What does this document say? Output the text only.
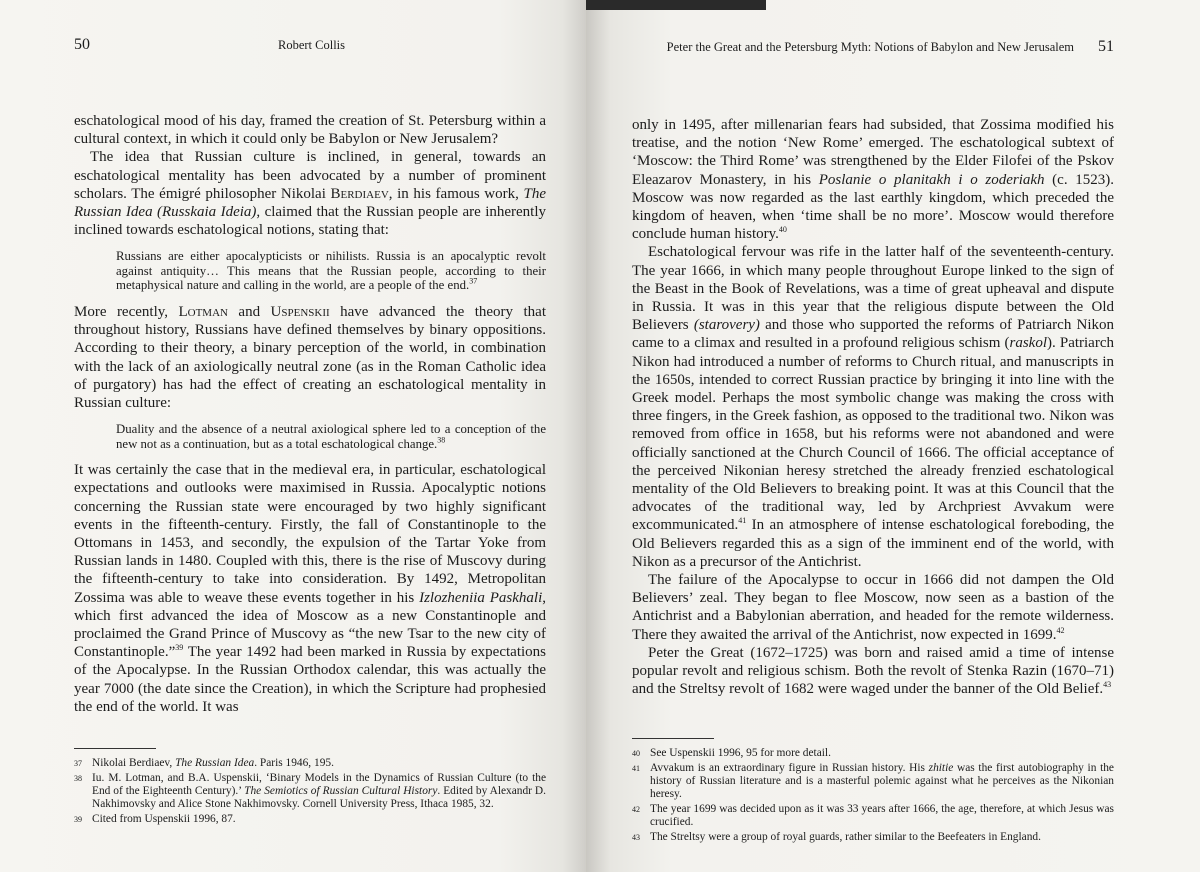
50	Robert Collis

eschatological mood of his day, framed the creation of St. Petersburg within a cultural context, in which it could only be Babylon or New Jerusalem?

The idea that Russian culture is inclined, in general, towards an eschatological mentality has been advocated by a number of prominent scholars. The émigré philosopher Nikolai Berdiaev, in his famous work, The Russian Idea (Russkaia Ideia), claimed that the Russian people are inherently inclined towards eschatological notions, stating that:

Russians are either apocalypticists or nihilists. Russia is an apocalyptic revolt against antiquity… This means that the Russian people, according to their metaphysical nature and calling in the world, are a people of the end.$^{37}$

More recently, Lotman and Uspenskii have advanced the theory that throughout history, Russians have defined themselves by binary oppositions. According to their theory, a binary perception of the world, in combination with the lack of an axiologically neutral zone (as in the Roman Catholic idea of purgatory) has had the effect of creating an eschatological mentality in Russian culture:

Duality and the absence of a neutral axiological sphere led to a conception of the new not as a continuation, but as a total eschatological change.$^{38}$

It was certainly the case that in the medieval era, in particular, eschatological expectations and outlooks were maximised in Russia. Apocalyptic notions concerning the Russian state were encouraged by two highly significant events in the fifteenth-century. Firstly, the fall of Constantinople to the Ottomans in 1453, and secondly, the expulsion of the Tartar Yoke from Russian lands in 1480. Coupled with this, there is the rise of Muscovy during the fifteenth-century to take into consideration. By 1492, Metropolitan Zossima was able to weave these events together in his Izlozheniia Paskhali, which first advanced the idea of Moscow as a new Constantinople and proclaimed the Grand Prince of Muscovy as “the new Tsar to the new city of Constantinople.”$^{39}$ The year 1492 had been marked in Russia by expectations of the Apocalypse. In the Russian Orthodox calendar, this was actually the year 7000 (the date since the Creation), in which the Scripture had prophesied the end of the world. It was

37 Nikolai Berdiaev, The Russian Idea. Paris 1946, 195.
38 Iu. M. Lotman, and B.A. Uspenskii, ‘Binary Models in the Dynamics of Russian Culture (to the End of the Eighteenth Century).’ The Semiotics of Russian Cultural History. Edited by Alexandr D. Nakhimovsky and Alice Stone Nakhimovsky. Cornell University Press, Ithaca 1985, 32.
39 Cited from Uspenskii 1996, 87.
Peter the Great and the Petersburg Myth: Notions of Babylon and New Jerusalem 51

only in 1495, after millenarian fears had subsided, that Zossima modified his treatise, and the notion ‘New Rome’ emerged. The eschatological subtext of ‘Moscow: the Third Rome’ was strengthened by the Elder Filofei of the Pskov Eleazarov Monastery, in his Poslanie o planitakh i o zoderiakh (c. 1523). Moscow was now regarded as the last earthly kingdom, which preceded the kingdom of heaven, when ‘time shall be no more’. Moscow would therefore conclude human history.$^{40}$

Eschatological fervour was rife in the latter half of the seventeenth-century. The year 1666, in which many people throughout Europe linked to the sign of the Beast in the Book of Revelations, was a time of great upheaval and dispute in Russia. It was in this year that the religious dispute between the Old Believers (starovery) and those who supported the reforms of Patriarch Nikon came to a climax and resulted in a profound religious schism (raskol). Patriarch Nikon had introduced a number of reforms to Church ritual, and manuscripts in the 1650s, intended to correct Russian practice by bringing it into line with the Greek model. Perhaps the most symbolic change was making the cross with three fingers, in the Greek fashion, as opposed to the traditional two. Nikon was removed from office in 1658, but his reforms were not abandoned and were officially sanctioned at the Church Council of 1666. The official acceptance of the perceived Nikonian heresy stretched the already frenzied eschatological mentality of the Old Believers to breaking point. It was at this Council that the advocates of the traditional way, led by Archpriest Avvakum were excommunicated.$^{41}$ In an atmosphere of intense eschatological foreboding, the Old Believers regarded this as a sign of the imminent end of the world, with Nikon as a precursor of the Antichrist.

The failure of the Apocalypse to occur in 1666 did not dampen the Old Believers’ zeal. They began to flee Moscow, now seen as a bastion of the Antichrist and a Babylonian aberration, and headed for the remote wilderness. There they awaited the arrival of the Antichrist, now expected in 1699.42

Peter the Great (1672–1725) was born and raised amid a time of intense popular revolt and religious schism. Both the revolt of Stenka Razin (1670–71) and the Streltsy revolt of 1682 were waged under the banner of the Old Belief.$^{43}$

40 See Uspenskii 1996, 95 for more detail.
41 Avvakum is an extraordinary figure in Russian history. His zhitie was the first autobiography in the history of Russian literature and is a masterful polemic against what he perceives as the Nikonian heresy.
42 The year 1699 was decided upon as it was 33 years after 1666, the age, therefore, at which Jesus was crucified.
43 The Streltsy were a group of royal guards, rather similar to the Beefeaters in England.
